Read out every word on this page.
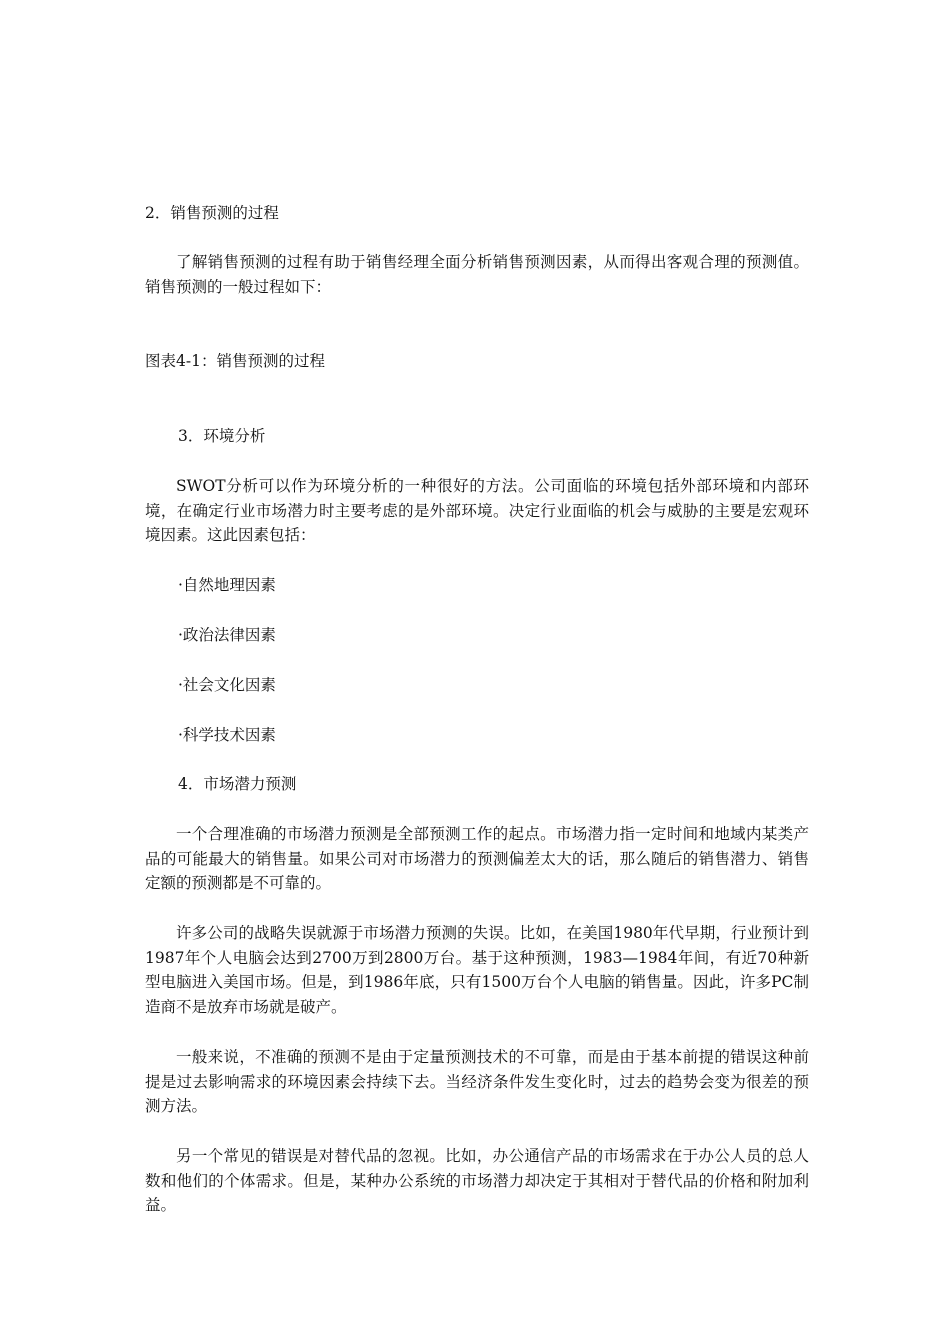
2．销售预测的过程

了解销售预测的过程有助于销售经理全面分析销售预测因素，从而得出客观合理的预测值。销售预测的一般过程如下：

图表4-1：销售预测的过程
3．环境分析

SWOT分析可以作为环境分析的一种很好的方法。公司面临的环境包括外部环境和内部环境，在确定行业市场潜力时主要考虑的是外部环境。决定行业面临的机会与威胁的主要是宏观环境因素。这此因素包括：

·自然地理因素
·政治法律因素
·社会文化因素
·科学技术因素
4．市场潜力预测

一个合理准确的市场潜力预测是全部预测工作的起点。市场潜力指一定时间和地域内某类产品的可能最大的销售量。如果公司对市场潜力的预测偏差太大的话，那么随后的销售潜力、销售定额的预测都是不可靠的。

许多公司的战略失误就源于市场潜力预测的失误。比如，在美国1980年代早期，行业预计到1987年个人电脑会达到2700万到2800万台。基于这种预测，1983—1984年间，有近70种新型电脑进入美国市场。但是，到1986年底，只有1500万台个人电脑的销售量。因此，许多PC制造商不是放弃市场就是破产。

一般来说，不准确的预测不是由于定量预测技术的不可靠，而是由于基本前提的错误这种前提是过去影响需求的环境因素会持续下去。当经济条件发生变化时，过去的趋势会变为很差的预测方法。

另一个常见的错误是对替代品的忽视。比如，办公通信产品的市场需求在于办公人员的总人数和他们的个体需求。但是，某种办公系统的市场潜力却决定于其相对于替代品的价格和附加利益。
